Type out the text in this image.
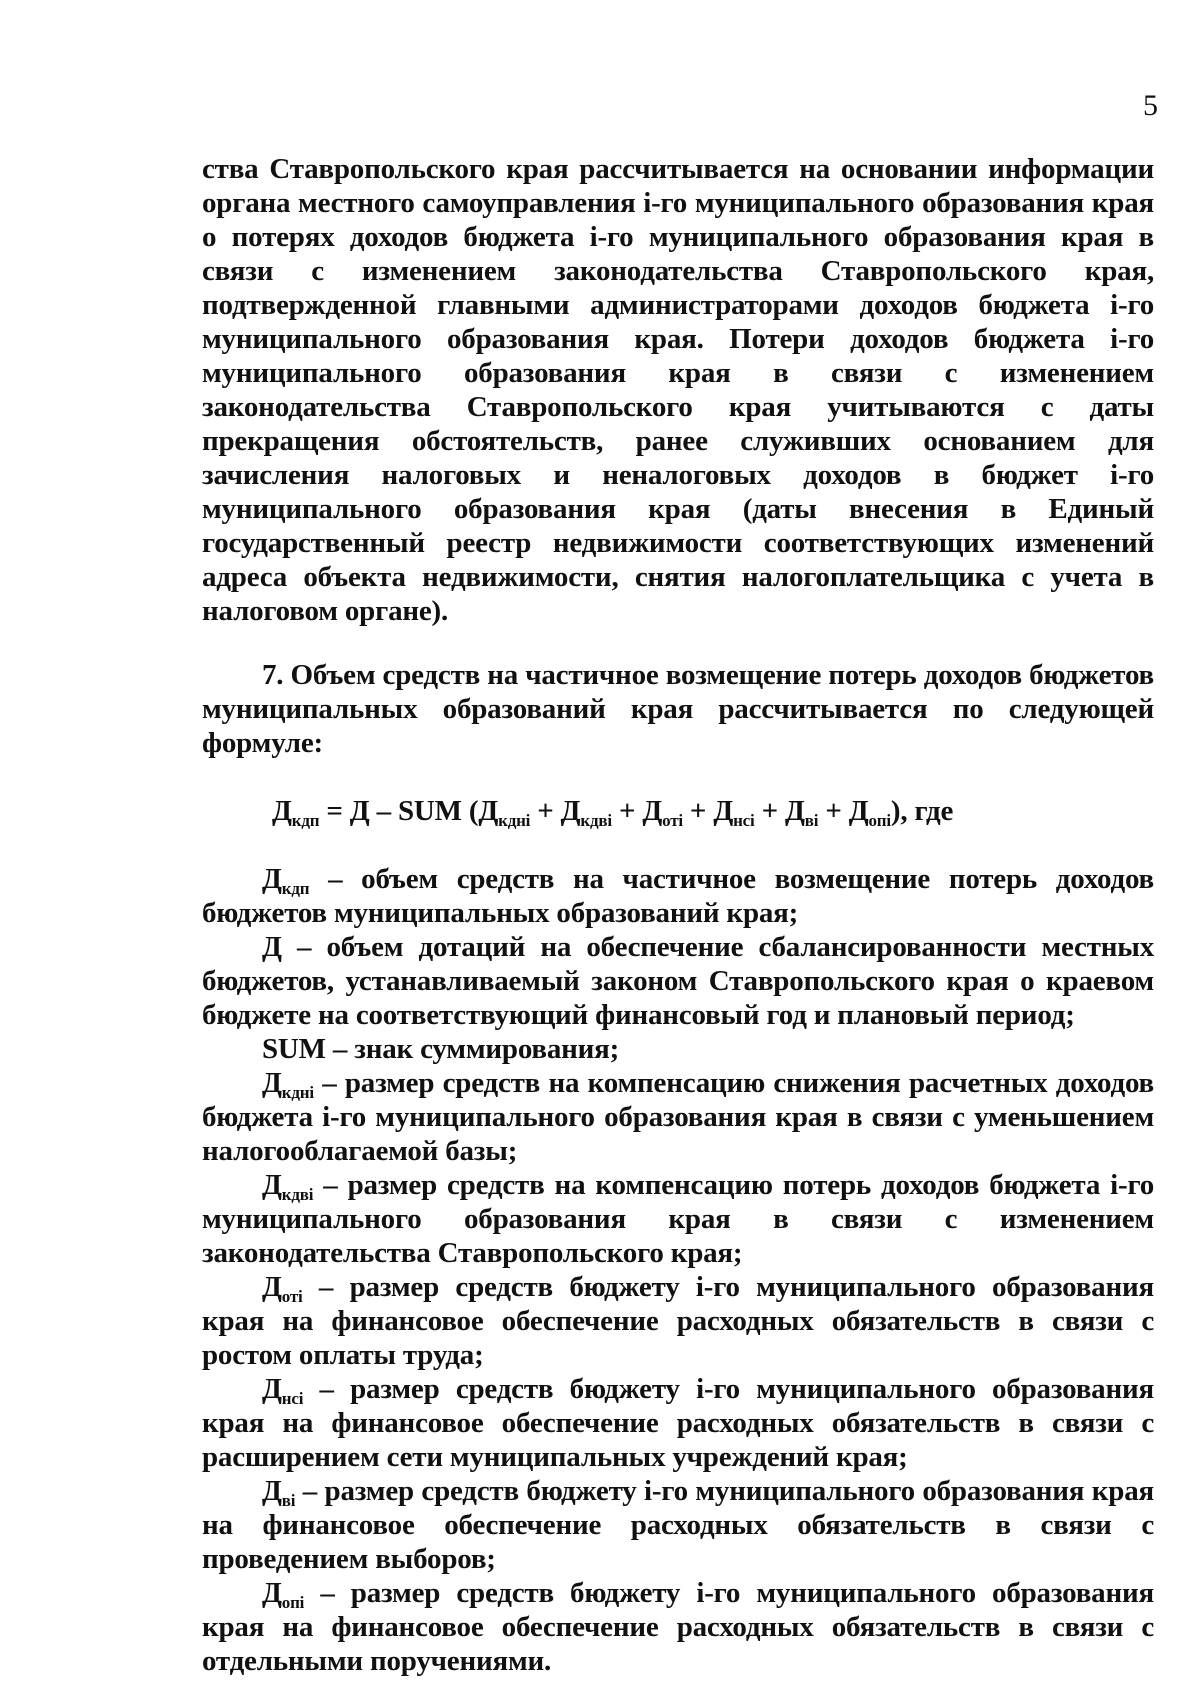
5

ства Ставропольского края рассчитывается на основании информации органа местного самоуправления i-го муниципального образования края о потерях доходов бюджета i-го муниципального образования края в связи с изменением законодательства Ставропольского края, подтвержденной главными администраторами доходов бюджета i-го муниципального образования края. Потери доходов бюджета i-го муниципального образования края в связи с изменением законодательства Ставропольского края учитываются с даты прекращения обстоятельств, ранее служивших основанием для зачисления налоговых и неналоговых доходов в бюджет i-го муниципального образования края (даты внесения в Единый государственный реестр недвижимости соответствующих изменений адреса объекта недвижимости, снятия налогоплательщика с учета в налоговом органе).

7. Объем средств на частичное возмещение потерь доходов бюджетов муниципальных образований края рассчитывается по следующей формуле:

$Д_{кдп} = Д$ – SUM $(Д_{кдні} + Д_{кдві} + Д_{оті} + Д_{нсі} + Д_{ві} + Д_{опі})$, где

$Д_{кдп}$ – объем средств на частичное возмещение потерь доходов бюджетов муниципальных образований края;

Д – объем дотаций на обеспечение сбалансированности местных бюджетов, устанавливаемый законом Ставропольского края о краевом бюджете на соответствующий финансовый год и плановый период;

SUM – знак суммирования;

$Д_{кдні}$ – размер средств на компенсацию снижения расчетных доходов бюджета i-го муниципального образования края в связи с уменьшением налогооблагаемой базы;

$Д_{кдві}$ – размер средств на компенсацию потерь доходов бюджета i-го муниципального образования края в связи с изменением законодательства Ставропольского края;

$Д_{оті}$ – размер средств бюджету i-го муниципального образования края на финансовое обеспечение расходных обязательств в связи с ростом оплаты труда;

$Д_{нсі}$ – размер средств бюджету i-го муниципального образования края на финансовое обеспечение расходных обязательств в связи с расширением сети муниципальных учреждений края;

$Д_{ві}$ – размер средств бюджету i-го муниципального образования края на финансовое обеспечение расходных обязательств в связи с проведением выборов;

$Д_{опі}$ – размер средств бюджету i-го муниципального образования края на финансовое обеспечение расходных обязательств в связи с отдельными поручениями.
